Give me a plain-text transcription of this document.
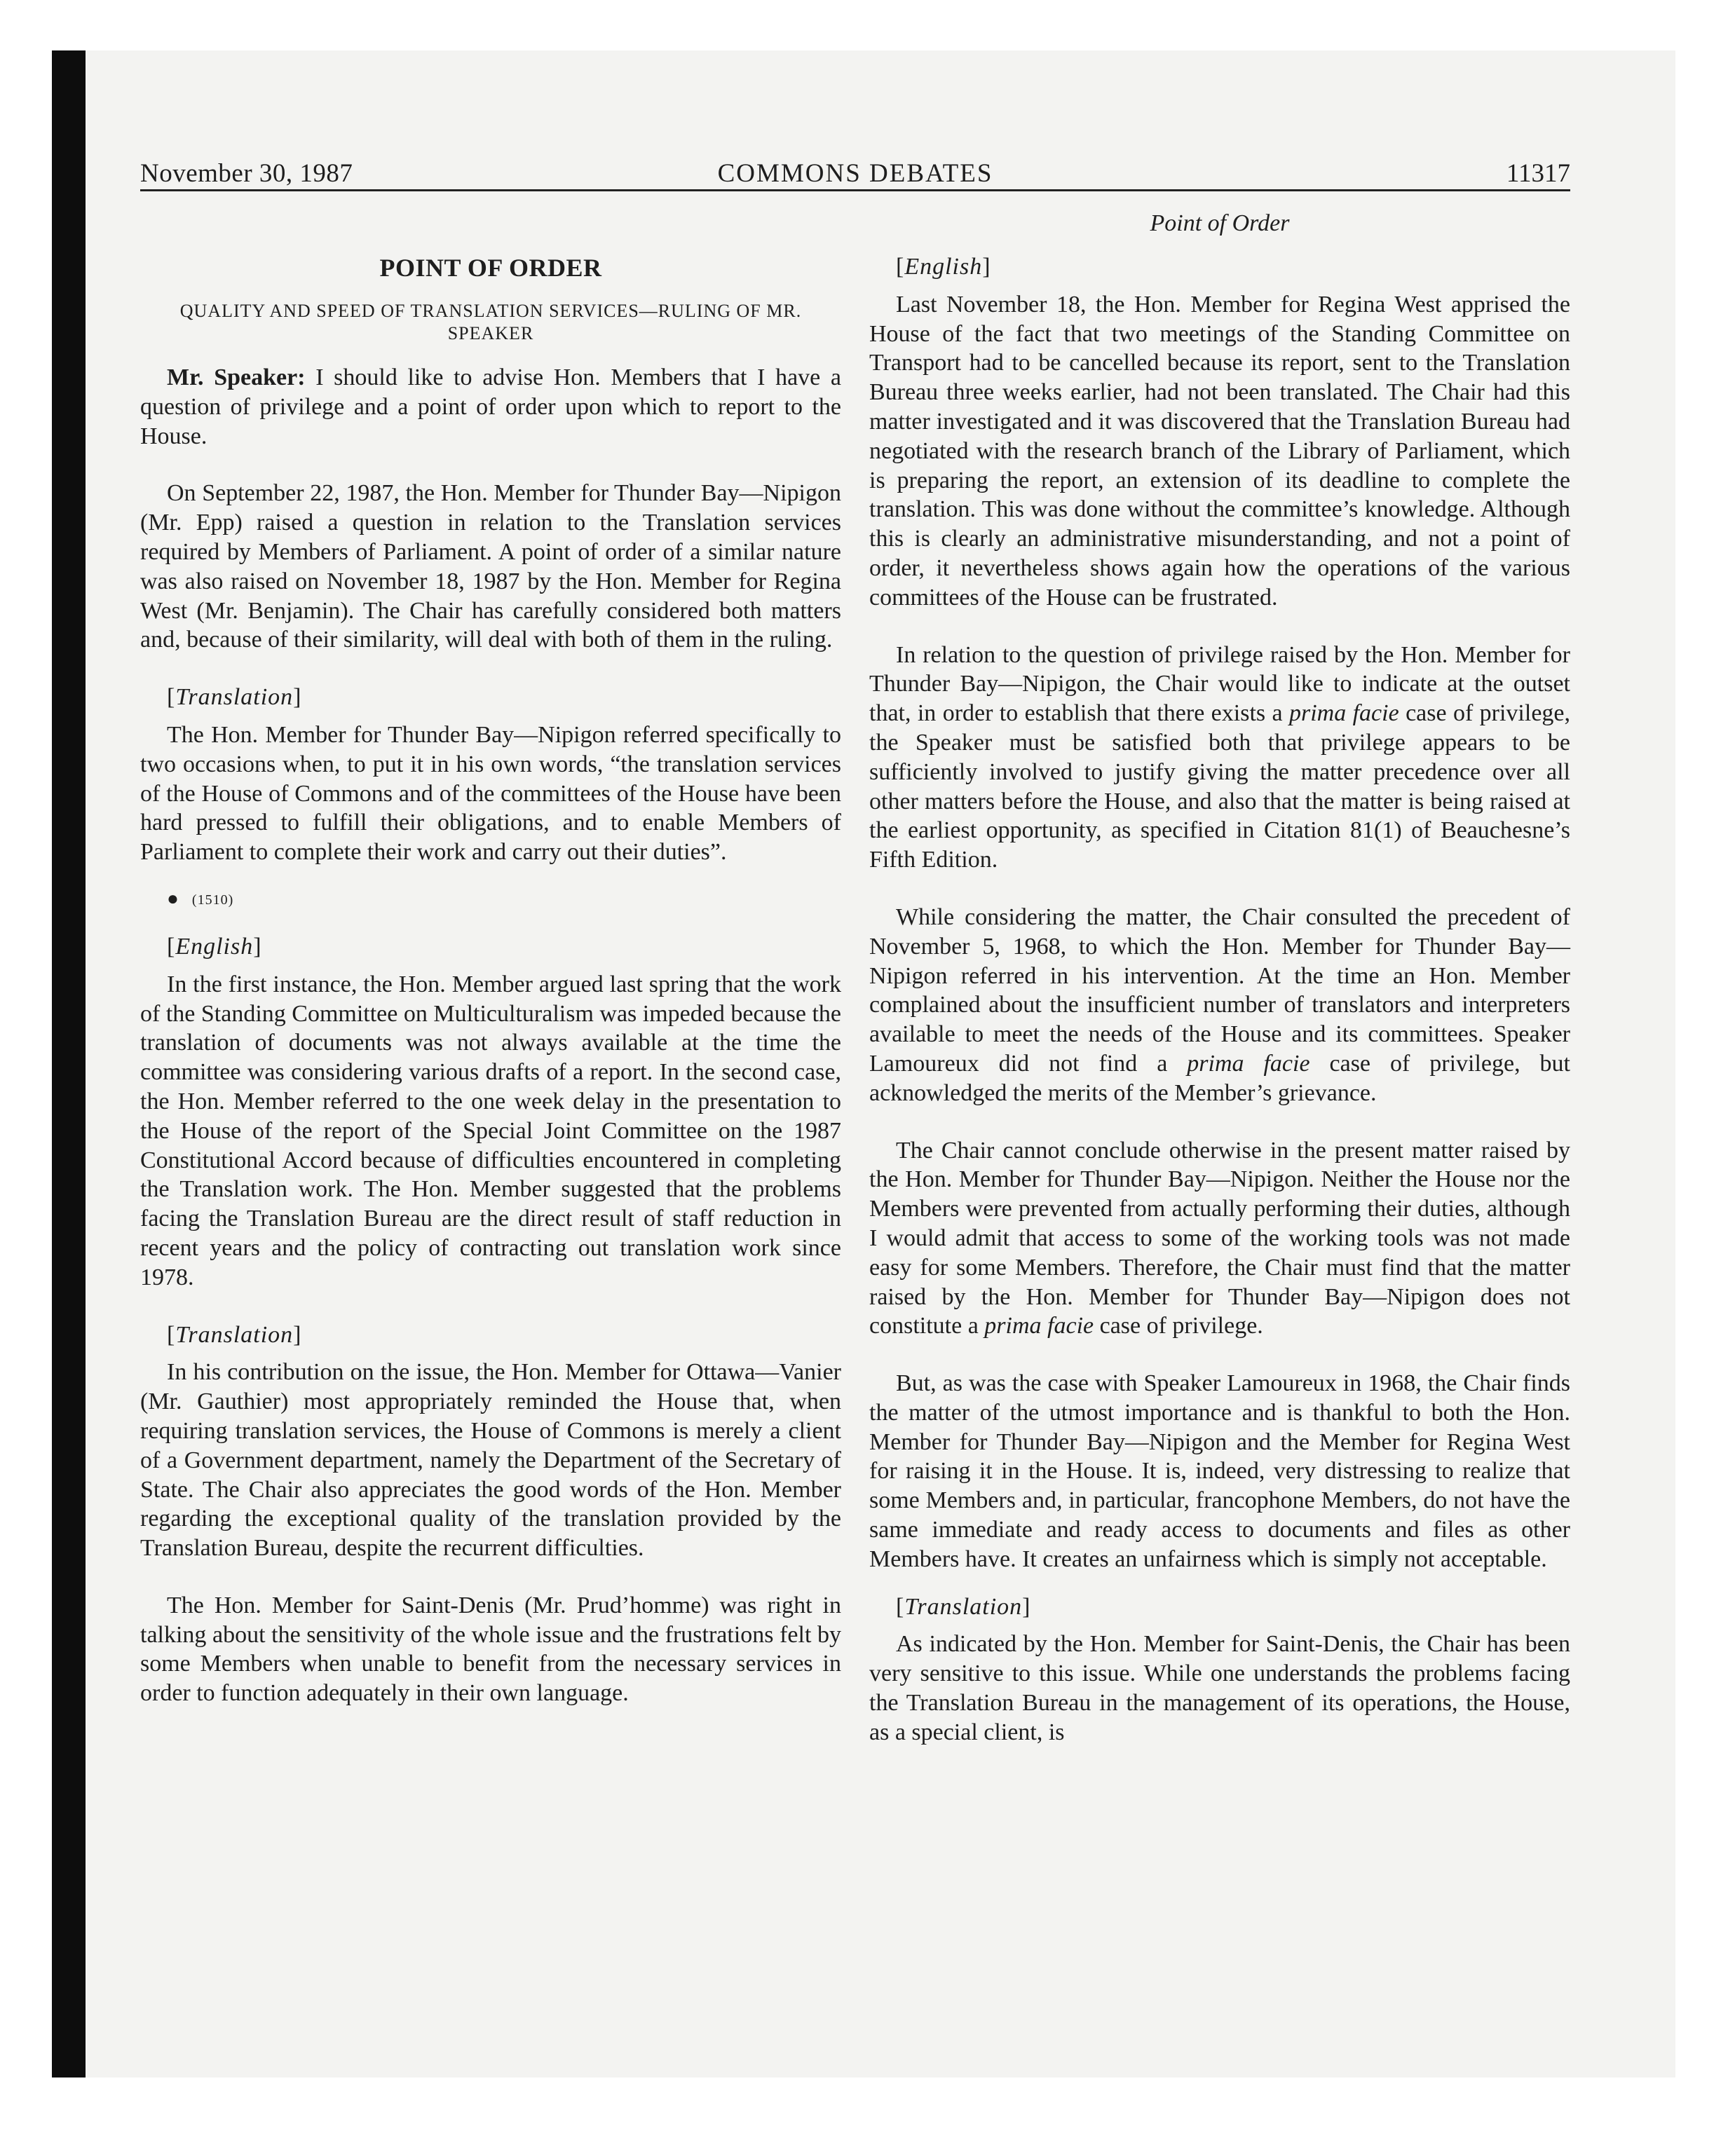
November 30, 1987	COMMONS DEBATES	11317
Point of Order
POINT OF ORDER
QUALITY AND SPEED OF TRANSLATION SERVICES—RULING OF MR. SPEAKER

Mr. Speaker: I should like to advise Hon. Members that I have a question of privilege and a point of order upon which to report to the House.

On September 22, 1987, the Hon. Member for Thunder Bay—Nipigon (Mr. Epp) raised a question in relation to the Translation services required by Members of Parliament. A point of order of a similar nature was also raised on November 18, 1987 by the Hon. Member for Regina West (Mr. Benjamin). The Chair has carefully considered both matters and, because of their similarity, will deal with both of them in the ruling.

[Translation]

The Hon. Member for Thunder Bay—Nipigon referred specifically to two occasions when, to put it in his own words, “the translation services of the House of Commons and of the committees of the House have been hard pressed to fulfill their obligations, and to enable Members of Parliament to complete their work and carry out their duties”.

● (1510)

[English]

In the first instance, the Hon. Member argued last spring that the work of the Standing Committee on Multiculturalism was impeded because the translation of documents was not always available at the time the committee was considering various drafts of a report. In the second case, the Hon. Member referred to the one week delay in the presentation to the House of the report of the Special Joint Committee on the 1987 Constitutional Accord because of difficulties encountered in completing the Translation work. The Hon. Member suggested that the problems facing the Translation Bureau are the direct result of staff reduction in recent years and the policy of contracting out translation work since 1978.

[Translation]

In his contribution on the issue, the Hon. Member for Ottawa—Vanier (Mr. Gauthier) most appropriately reminded the House that, when requiring translation services, the House of Commons is merely a client of a Government department, namely the Department of the Secretary of State. The Chair also appreciates the good words of the Hon. Member regarding the exceptional quality of the translation provided by the Translation Bureau, despite the recurrent difficulties.

The Hon. Member for Saint-Denis (Mr. Prud’homme) was right in talking about the sensitivity of the whole issue and the frustrations felt by some Members when unable to benefit from the necessary services in order to function adequately in their own language.

[English]

Last November 18, the Hon. Member for Regina West apprised the House of the fact that two meetings of the Standing Committee on Transport had to be cancelled because its report, sent to the Translation Bureau three weeks earlier, had not been translated. The Chair had this matter investigated and it was discovered that the Translation Bureau had negotiated with the research branch of the Library of Parliament, which is preparing the report, an extension of its deadline to complete the translation. This was done without the committee’s knowledge. Although this is clearly an administrative misunderstanding, and not a point of order, it nevertheless shows again how the operations of the various committees of the House can be frustrated.

In relation to the question of privilege raised by the Hon. Member for Thunder Bay—Nipigon, the Chair would like to indicate at the outset that, in order to establish that there exists a prima facie case of privilege, the Speaker must be satisfied both that privilege appears to be sufficiently involved to justify giving the matter precedence over all other matters before the House, and also that the matter is being raised at the earliest opportunity, as specified in Citation 81(1) of Beauchesne’s Fifth Edition.

While considering the matter, the Chair consulted the precedent of November 5, 1968, to which the Hon. Member for Thunder Bay—Nipigon referred in his intervention. At the time an Hon. Member complained about the insufficient number of translators and interpreters available to meet the needs of the House and its committees. Speaker Lamoureux did not find a prima facie case of privilege, but acknowledged the merits of the Member’s grievance.

The Chair cannot conclude otherwise in the present matter raised by the Hon. Member for Thunder Bay—Nipigon. Neither the House nor the Members were prevented from actually performing their duties, although I would admit that access to some of the working tools was not made easy for some Members. Therefore, the Chair must find that the matter raised by the Hon. Member for Thunder Bay—Nipigon does not constitute a prima facie case of privilege.

But, as was the case with Speaker Lamoureux in 1968, the Chair finds the matter of the utmost importance and is thankful to both the Hon. Member for Thunder Bay—Nipigon and the Member for Regina West for raising it in the House. It is, indeed, very distressing to realize that some Members and, in particular, francophone Members, do not have the same immediate and ready access to documents and files as other Members have. It creates an unfairness which is simply not acceptable.

[Translation]

As indicated by the Hon. Member for Saint-Denis, the Chair has been very sensitive to this issue. While one understands the problems facing the Translation Bureau in the management of its operations, the House, as a special client, is
